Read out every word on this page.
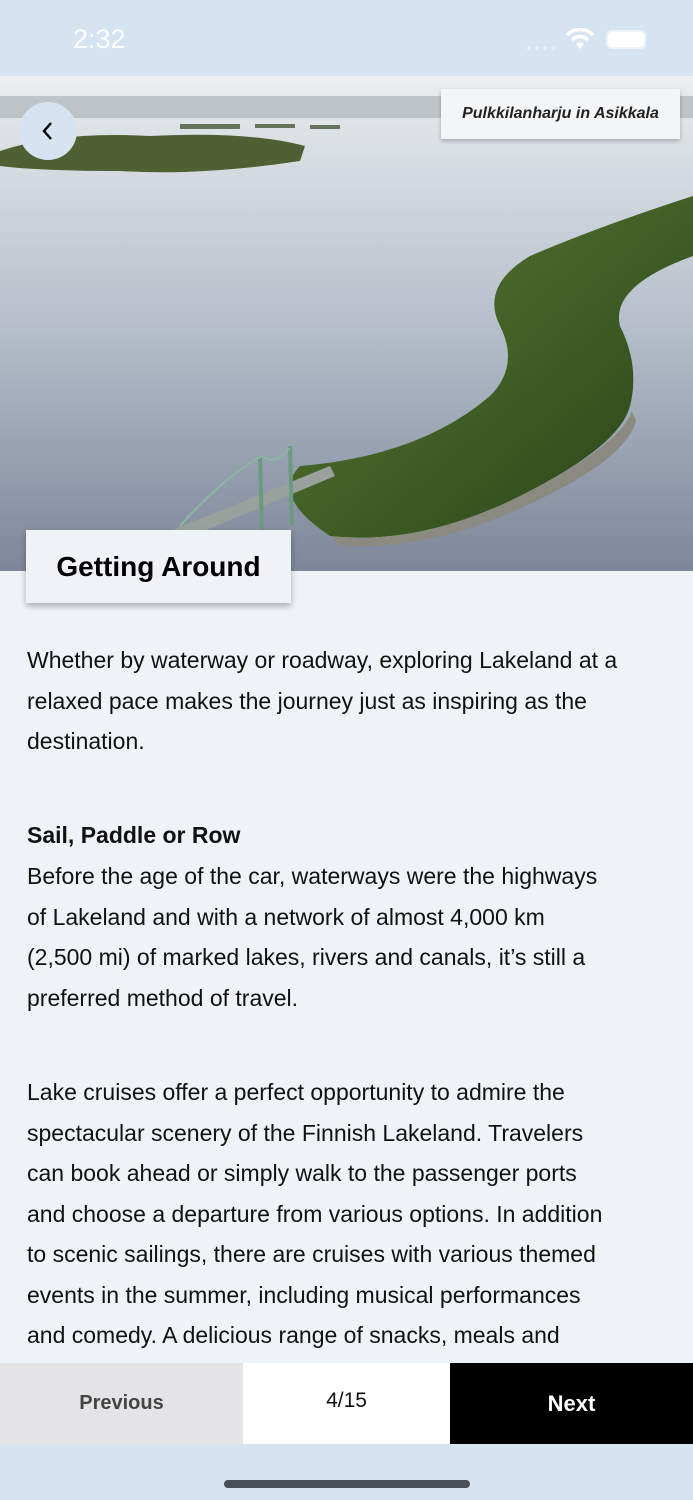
2:32	●●●●
Pulkkilanharju in Asikkala
Getting Around
Whether by waterway or roadway, exploring Lakeland at a
relaxed pace makes the journey just as inspiring as the
destination.
Sail, Paddle or Row
Before the age of the car, waterways were the highways
of Lakeland and with a network of almost 4,000 km
(2,500 mi) of marked lakes, rivers and canals, it’s still a
preferred method of travel.
Lake cruises offer a perfect opportunity to admire the
spectacular scenery of the Finnish Lakeland. Travelers
can book ahead or simply walk to the passenger ports
and choose a departure from various options. In addition
to scenic sailings, there are cruises with various themed
events in the summer, including musical performances
and comedy. A delicious range of snacks, meals and
Previous	4/15	Next
